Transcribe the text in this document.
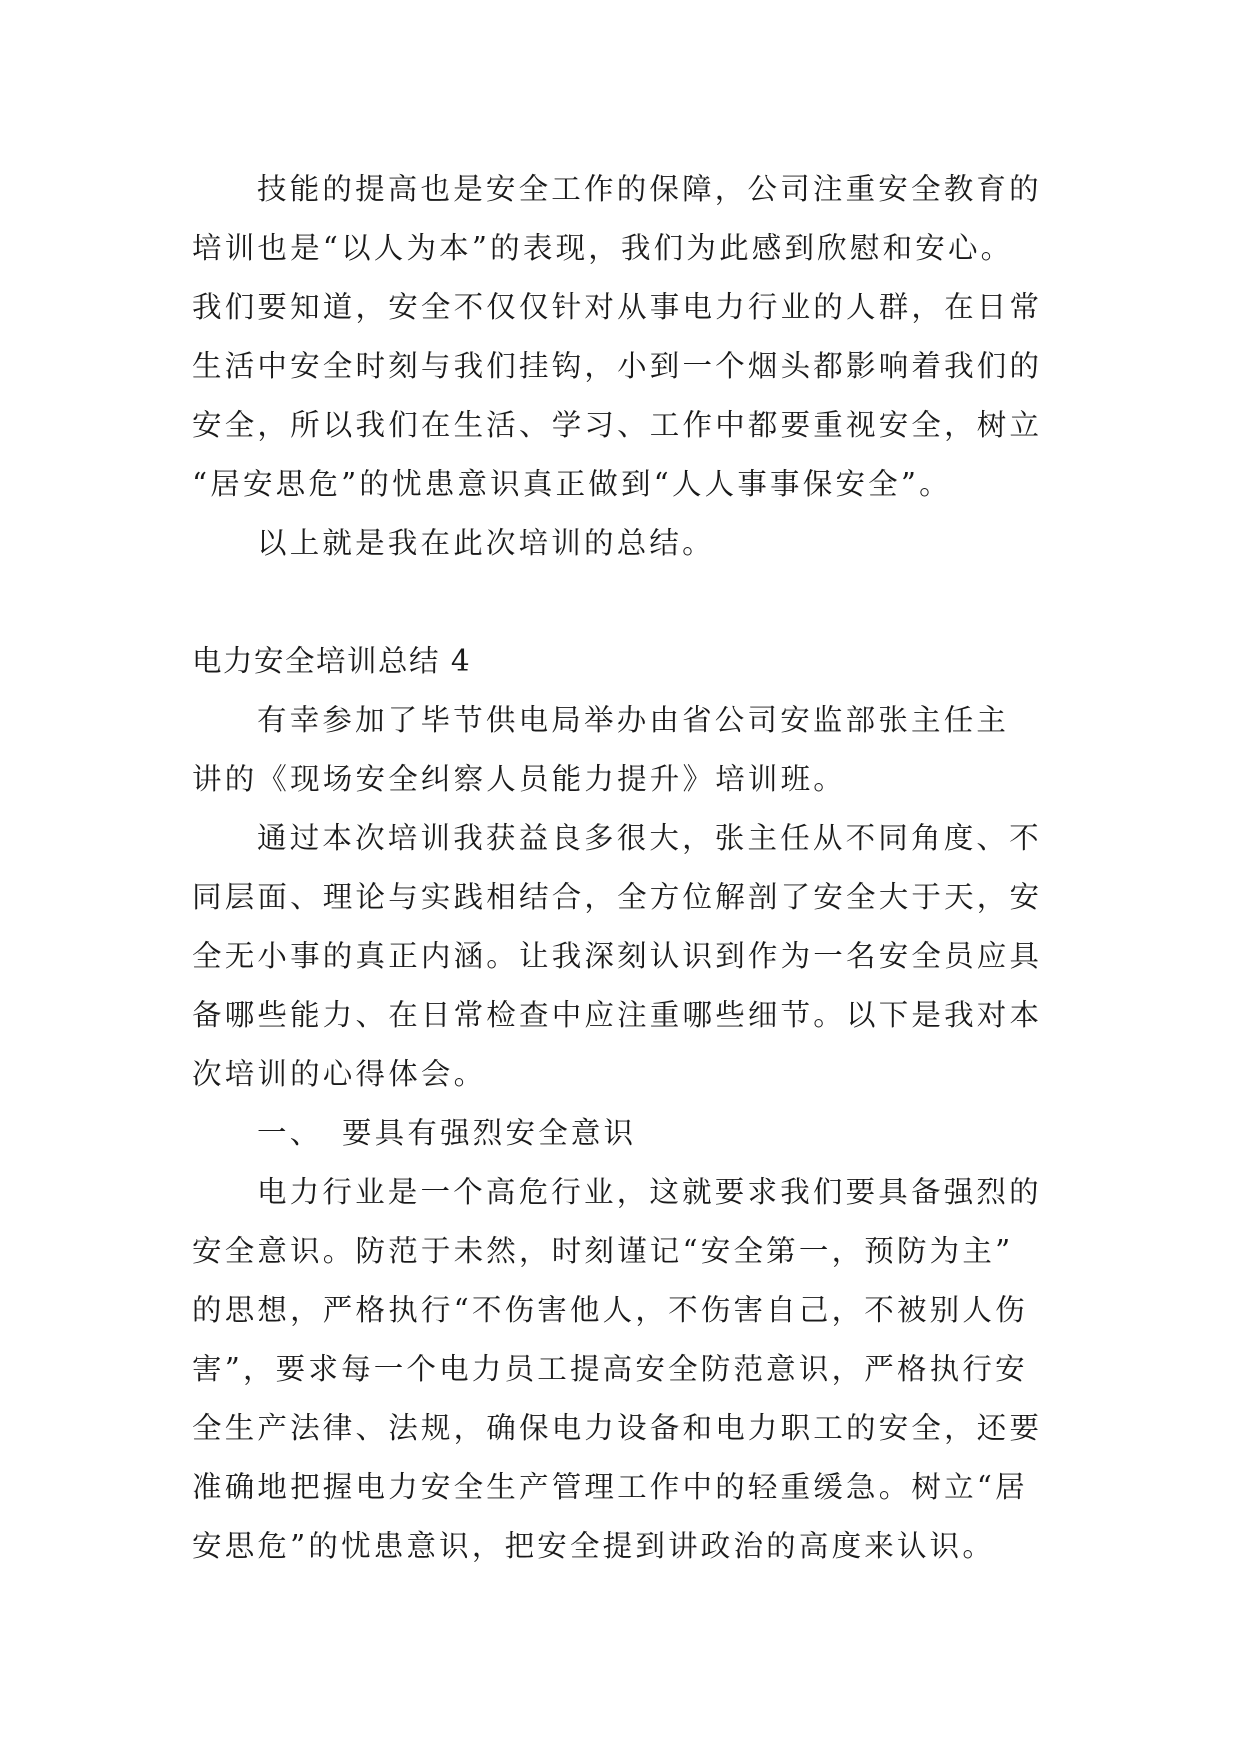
技能的提高也是安全工作的保障，公司注重安全教育的
培训也是“以人为本”的表现，我们为此感到欣慰和安心。
我们要知道，安全不仅仅针对从事电力行业的人群，在日常
生活中安全时刻与我们挂钩，小到一个烟头都影响着我们的
安全，所以我们在生活、学习、工作中都要重视安全，树立
“居安思危”的忧患意识真正做到“人人事事保安全”。
以上就是我在此次培训的总结。
电力安全培训总结 4
有幸参加了毕节供电局举办由省公司安监部张主任主
讲的《现场安全纠察人员能力提升》培训班。
通过本次培训我获益良多很大，张主任从不同角度、不
同层面、理论与实践相结合，全方位解剖了安全大于天，安
全无小事的真正内涵。让我深刻认识到作为一名安全员应具
备哪些能力、在日常检查中应注重哪些细节。以下是我对本
次培训的心得体会。
一、 要具有强烈安全意识
电力行业是一个高危行业，这就要求我们要具备强烈的
安全意识。防范于未然，时刻谨记“安全第一，预防为主”
的思想，严格执行“不伤害他人，不伤害自己，不被别人伤
害”，要求每一个电力员工提高安全防范意识，严格执行安
全生产法律、法规，确保电力设备和电力职工的安全，还要
准确地把握电力安全生产管理工作中的轻重缓急。树立“居
安思危”的忧患意识，把安全提到讲政治的高度来认识。
